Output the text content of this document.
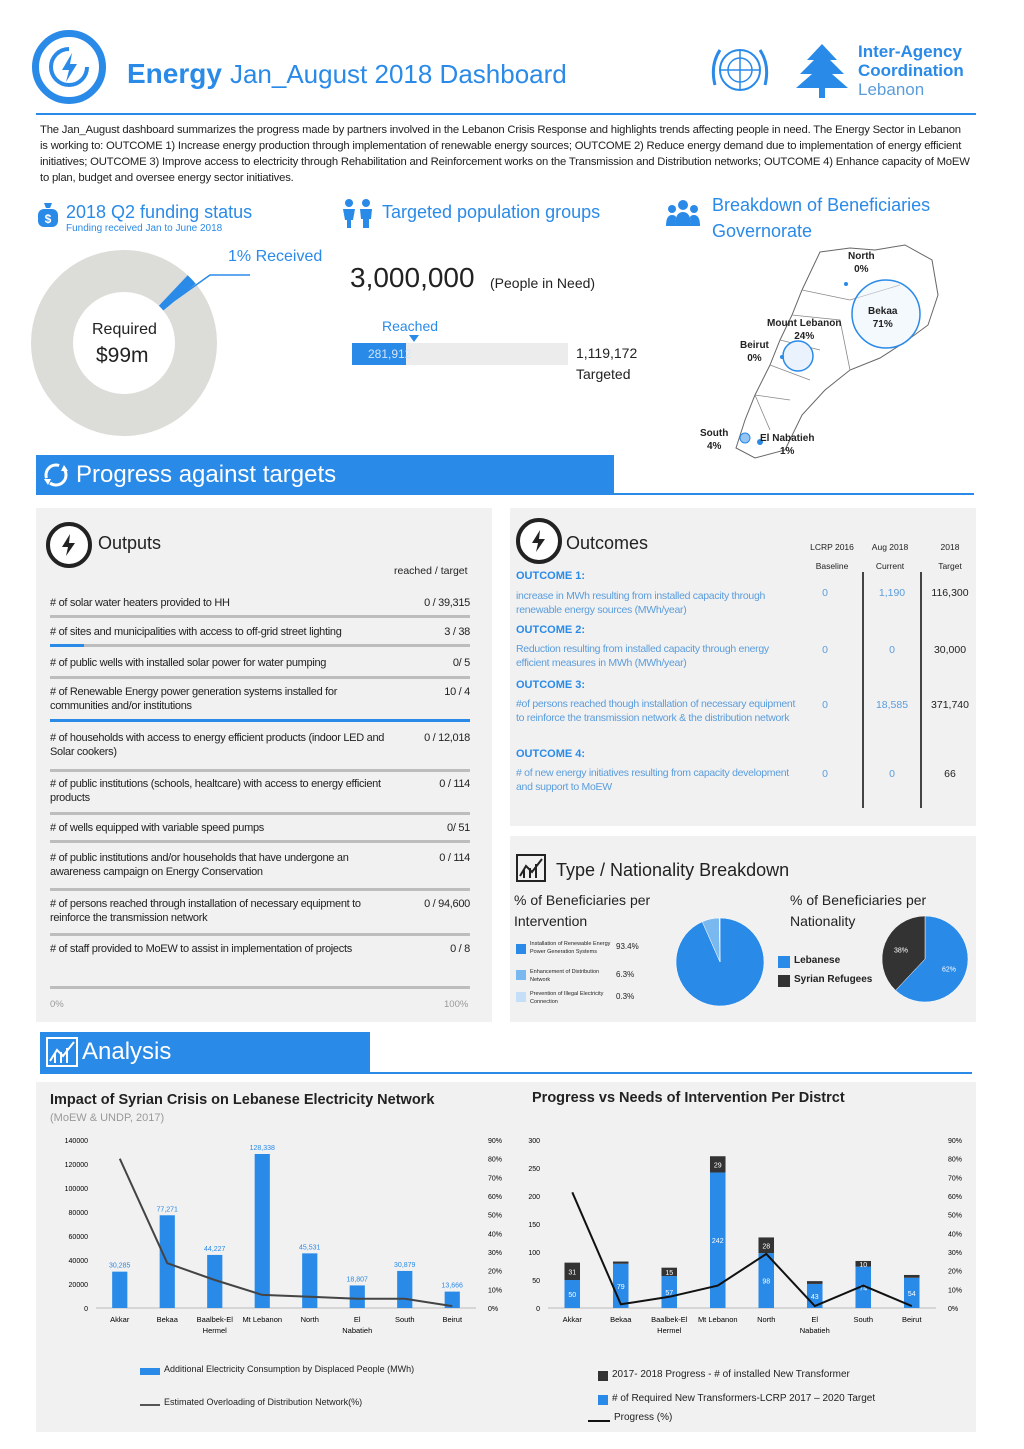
Energy Jan_August 2018 Dashboard
Inter-Agency
Coordination
Lebanon
The Jan_August dashboard summarizes the progress made by partners involved in the Lebanon Crisis Response and highlights trends affecting people in need. The Energy Sector in Lebanon is working to: OUTCOME 1) Increase energy production through implementation of renewable energy sources; OUTCOME 2) Reduce energy demand due to implementation of energy efficient initiatives; OUTCOME 3) Improve access to electricity through Rehabilitation and Reinforcement works on the Transmission and Distribution networks; OUTCOME 4) Enhance capacity of MoEW to plan, budget and oversee energy sector initiatives.
$ 2018 Q2 funding status
Funding received Jan to June 2018
1% Received
Required
$99m
Targeted population groups
3,000,000 (People in Need)
Reached
281,912	1,119,172
Targeted
Breakdown of Beneficiaries
Governorate
North
0%
Bekaa
71%
Mount Lebanon
24%
Beirut
0%
South
4%
El Nabatieh
1%
Progress against targets
Outputs
reached / target
# of solar water heaters provided to HH	0 / 39,315
# of sites and municipalities with access to off-grid street lighting	3 / 38
# of public wells with installed solar power for water pumping	0/ 5
# of Renewable Energy power generation systems installed for communities and/or institutions
10 / 4
# of households with access to energy efficient products (indoor LED and Solar cookers)
0 / 12,018
# of public institutions (schools, healtcare) with access to energy efficient products
0 / 114
# of wells equipped with variable speed pumps	0/ 51
# of public institutions and/or households that have undergone an awareness campaign on Energy Conservation
0 / 114
# of persons reached through installation of necessary equipment to reinforce the transmission network
0 / 94,600
# of staff provided to MoEW to assist in implementation of projects	0 / 8
0%	100%
Outcomes	LCRP 2016
Baseline
Aug 2018
Current
2018
Target
OUTCOME 1:
increase in MWh resulting from installed capacity through renewable energy sources (MWh/year)
0	1,190	116,300
OUTCOME 2:
Reduction resulting from installed capacity through energy efficient measures in MWh (MWh/year)
0	0	30,000
OUTCOME 3:
#of persons reached though installation of necessary equipment to reinforce the transmission network & the distribution network
0	18,585	371,740
OUTCOME 4:
# of new energy initiatives resulting from capacity development and support to MoEW
0	0	66
Type / Nationality Breakdown
% of Beneficiaries per Intervention
% of Beneficiaries per Nationality
Installation of Renewable Energy Power Generation Systems
93.4%
Enhancement of Distribution Network
6.3%
Prevention of Illegal Electricity Connection
0.3%
Lebanese
Syrian Refugees
62%
38%
Analysis
Impact of Syrian Crisis on Lebanese Electricity Network
(MoEW & UNDP, 2017)
0
20000
40000
60000
80000
100000
120000
140000
0%
10%
20%
30%
40%
50%
60%
70%
80%
90%
Akkar
30,285
Bekaa
77,271
Baalbek-El
Hermel
44,227
Mt Lebanon
128,338
North
45,531
El
Nabatieh
18,807
South
30,879
Beirut
13,666
Additional Electricity Consumption by Displaced People (MWh)
Estimated Overloading of Distribution Network(%)
Progress vs Needs of Intervention Per Distrct
0
50
100
150
200
250
300
0%
10%
20%
30%
40%
50%
60%
70%
80%
90%
Akkar
50
31
Bekaa
79
Baalbek-El
Hermel
57
15
Mt Lebanon
242
29
North
98
28
El
Nabatieh
43
South
74
10
Beirut
54
2017- 2018 Progress - # of installed New Transformer
# of Required New Transformers-LCRP 2017 – 2020 Target
Progress (%)
